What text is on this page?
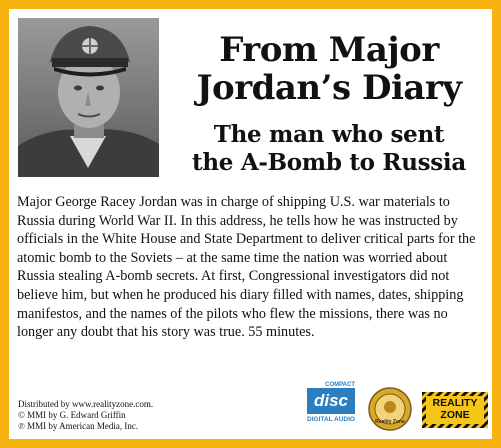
From Major
Jordan’s Diary
The man who sent
the A-Bomb to Russia

Major George Racey Jordan was in charge of shipping U.S. war materials to Russia during World War II. In this address, he tells how he was instructed by officials in the White House and State Department to deliver critical parts for the atomic bomb to the Soviets – at the same time the nation was worried about Russia stealing A-bomb secrets. At first, Congressional investigators did not believe him, but when he produced his diary filled with names, dates, shipping manifestos, and the names of the pilots who flew the missions, there was no longer any doubt that his story was true. 55 minutes.

Distributed by www.realityzone.com.
© MMI by G. Edward Griffin
℗ MMI by American Media, Inc.
COMPACT
disc
DIGITAL AUDIO	Reality Zone
REALITY
ZONE
